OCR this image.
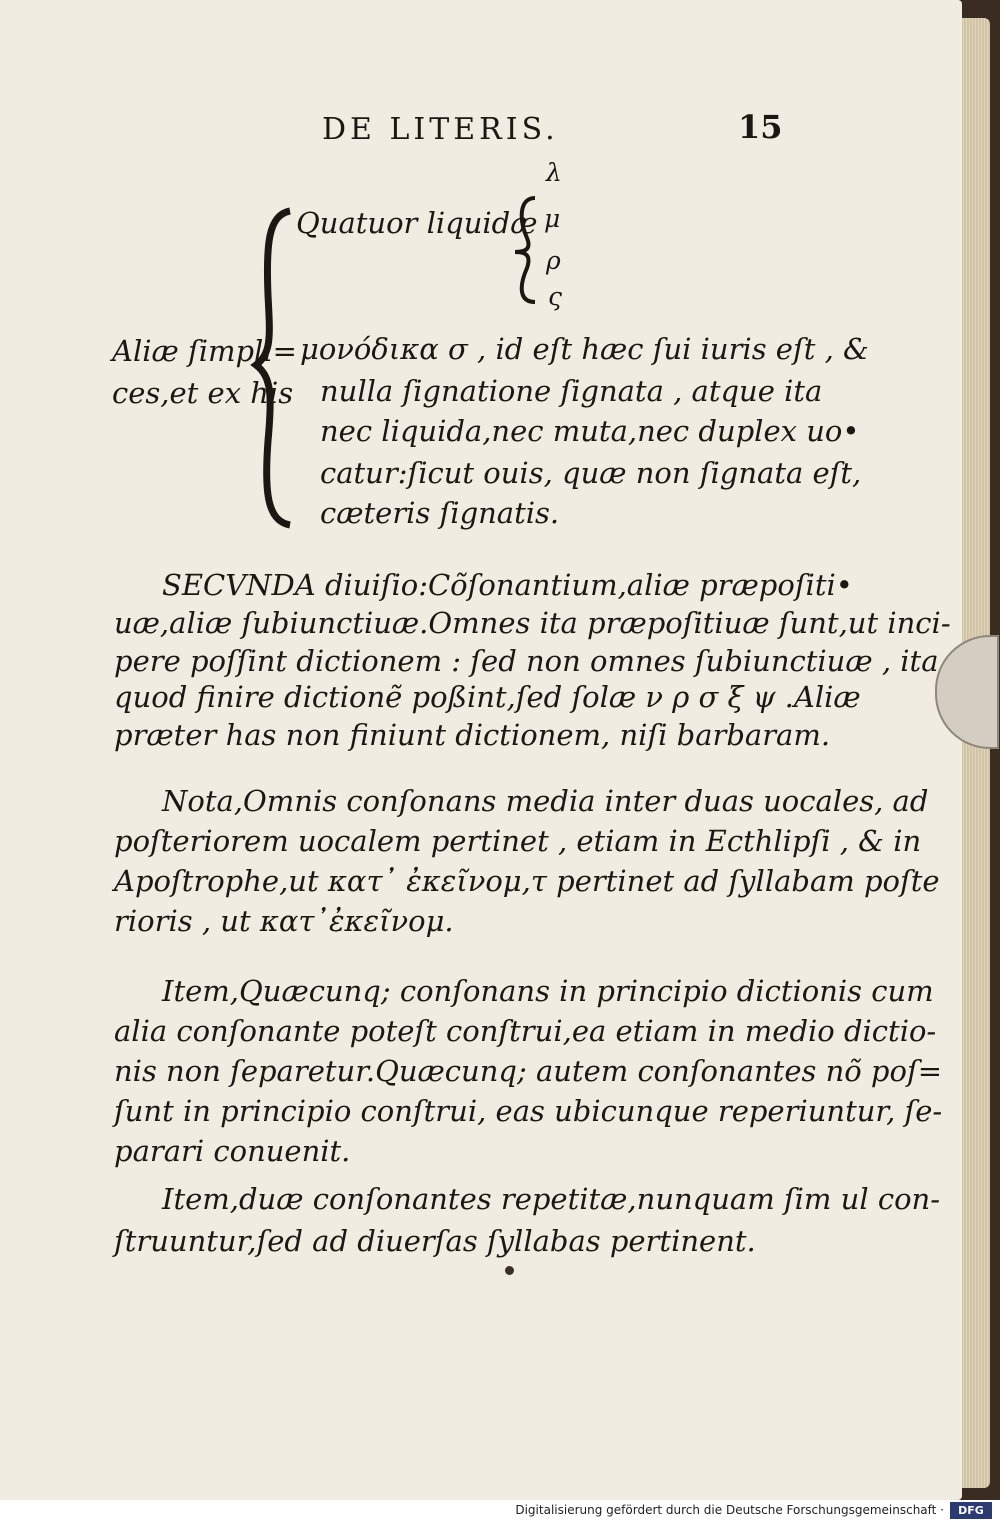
DE LITERIS.	15
Quatuor liquidæ
λ
μ
ρ
ς
Aliæ ſimpli=
ces,et ex his
μονόδικα σ , id eſt hæc ſui iuris eſt , &
nulla ſignatione ſignata , atque ita
nec liquida,nec muta,nec duplex uo•
catur:ſicut ouis, quæ non ſignata eſt,
cæteris ſignatis.
SECVNDA diuiſio:Cõſonantium,aliæ præpoſiti•
uæ,aliæ ſubiunctiuæ.Omnes ita præpoſitiuæ ſunt,ut inci-
pere poſſint dictionem : ſed non omnes ſubiunctiuæ , ita
quod finire dictionẽ poßint,ſed ſolæ ν ρ σ ξ ψ .Aliæ
præter has non finiunt dictionem, niſi barbaram.
Nota,Omnis conſonans media inter duas uocales, ad
poſteriorem uocalem pertinet , etiam in Ecthlipſi , & in
Apoſtrophe,ut κατ᾽ ἐκεῖνομ,τ pertinet ad ſyllabam poſte
rioris , ut κατ᾽ἐκεῖνομ.
Item,Quæcunq; conſonans in principio dictionis cum
alia conſonante poteſt conſtrui,ea etiam in medio dictio-
nis non ſeparetur.Quæcunq; autem conſonantes nõ poſ=
ſunt in principio conſtrui, eas ubicunque reperiuntur, ſe-
parari conuenit.
Item,duæ conſonantes repetitæ,nunquam ſim ul con-
ſtruuntur,ſed ad diuerſas ſyllabas pertinent.
Digitalisierung gefördert durch die Deutsche Forschungsgemeinschaft ·	DFG
